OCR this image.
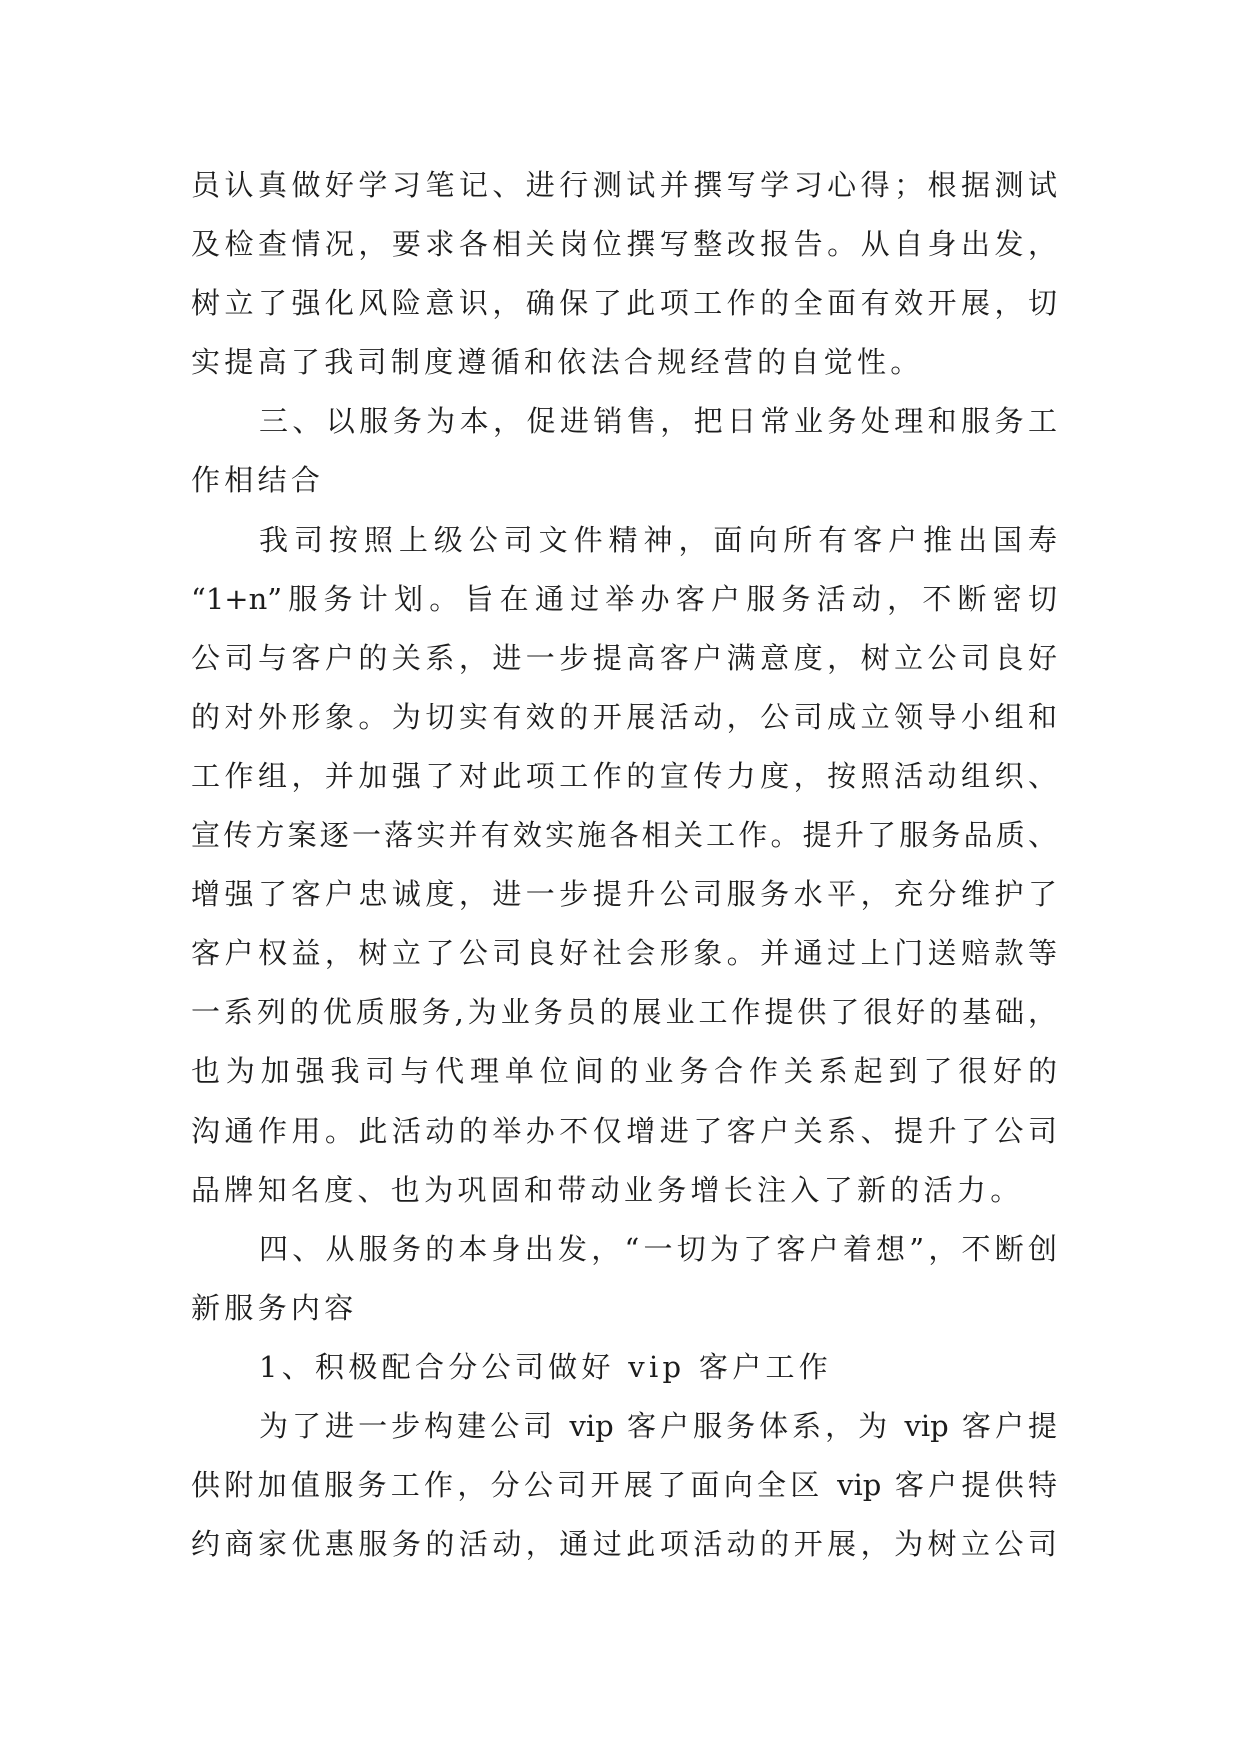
员认真做好学习笔记、进行测试并撰写学习心得；根据测试
及检查情况，要求各相关岗位撰写整改报告。从自身出发，
树立了强化风险意识，确保了此项工作的全面有效开展，切
实提高了我司制度遵循和依法合规经营的自觉性。
三、以服务为本，促进销售，把日常业务处理和服务工
作相结合
我司按照上级公司文件精神，面向所有客户推出国寿
“1+n”服务计划。旨在通过举办客户服务活动，不断密切
公司与客户的关系，进一步提高客户满意度，树立公司良好
的对外形象。为切实有效的开展活动，公司成立领导小组和
工作组，并加强了对此项工作的宣传力度，按照活动组织、
宣传方案逐一落实并有效实施各相关工作。提升了服务品质、
增强了客户忠诚度，进一步提升公司服务水平，充分维护了
客户权益，树立了公司良好社会形象。并通过上门送赔款等
一系列的优质服务,为业务员的展业工作提供了很好的基础，
也为加强我司与代理单位间的业务合作关系起到了很好的
沟通作用。此活动的举办不仅增进了客户关系、提升了公司
品牌知名度、也为巩固和带动业务增长注入了新的活力。
四、从服务的本身出发，“一切为了客户着想”，不断创
新服务内容
1、积极配合分公司做好 vip 客户工作
为了进一步构建公司 vip 客户服务体系，为 vip 客户提
供附加值服务工作，分公司开展了面向全区 vip 客户提供特
约商家优惠服务的活动，通过此项活动的开展，为树立公司
